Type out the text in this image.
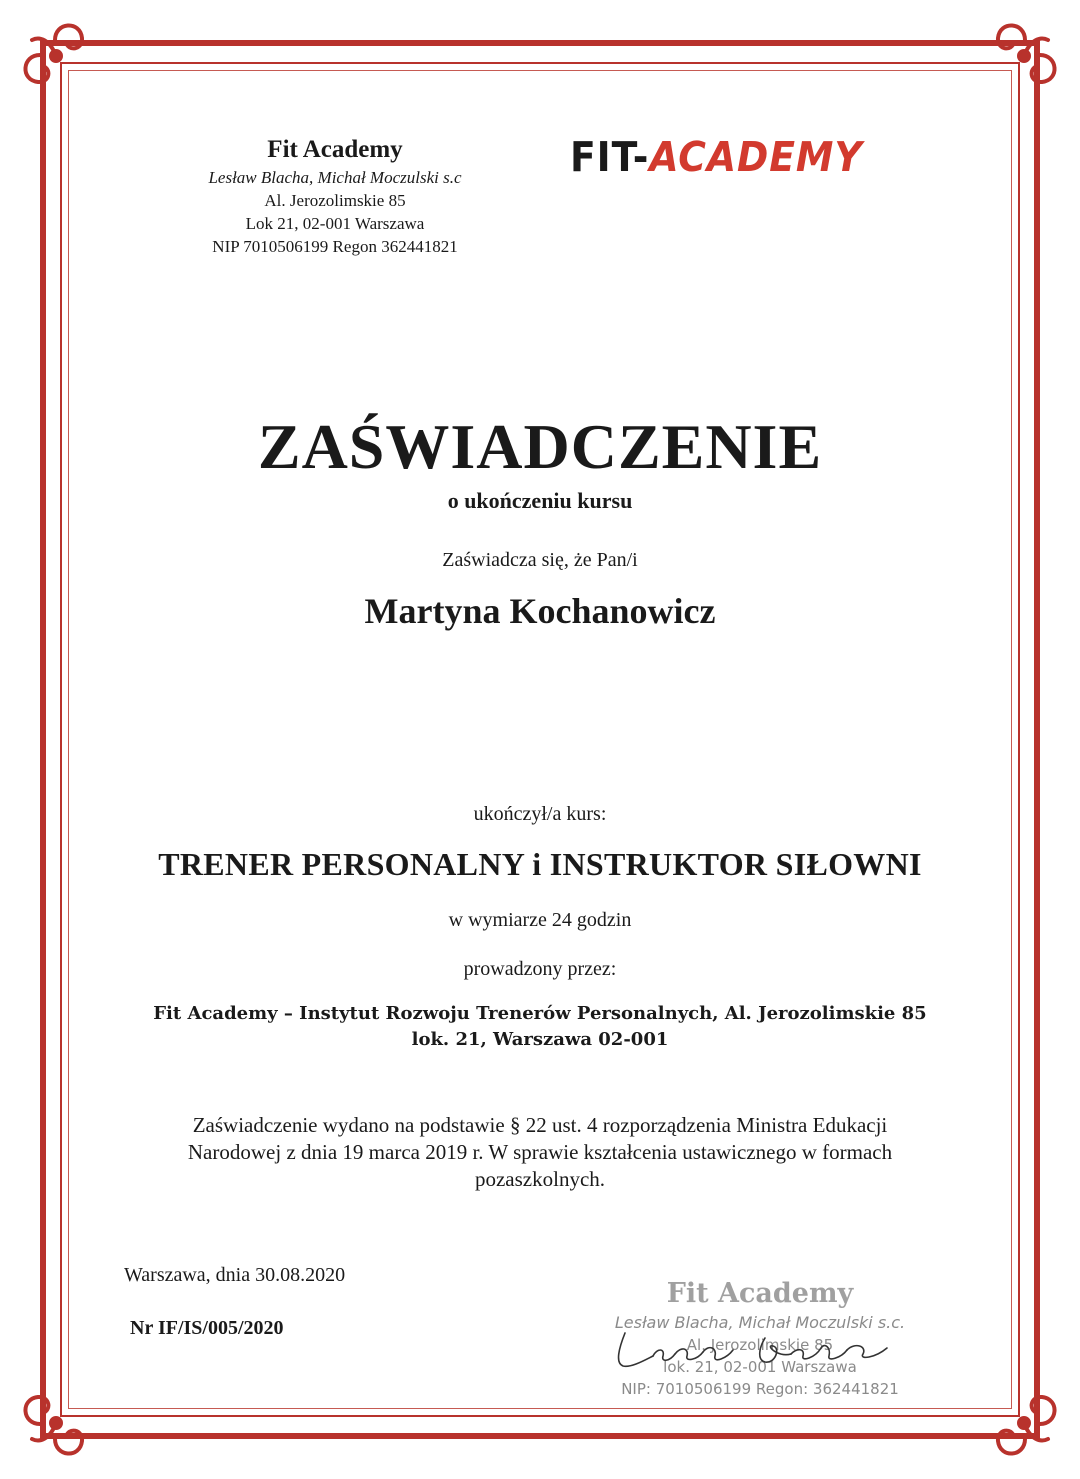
Fit Academy
Lesław Blacha, Michał Moczulski s.c
Al. Jerozolimskie 85
Lok 21, 02-001 Warszawa
NIP 7010506199 Regon 362441821
FIT-ACADEMY
ZAŚWIADCZENIE
o ukończeniu kursu
Zaświadcza się, że Pan/i
Martyna Kochanowicz
ukończył/a kurs:
TRENER PERSONALNY i INSTRUKTOR SIŁOWNI
w wymiarze 24 godzin
prowadzony przez:
Fit Academy – Instytut Rozwoju Trenerów Personalnych, Al. Jerozolimskie 85
lok. 21, Warszawa 02-001
Zaświadczenie wydano na podstawie § 22 ust. 4 rozporządzenia Ministra Edukacji
Narodowej z dnia 19 marca 2019 r. W sprawie kształcenia ustawicznego w formach
pozaszkolnych.
Warszawa, dnia 30.08.2020
Nr IF/IS/005/2020
Fit Academy
Lesław Blacha, Michał Moczulski s.c.
Al. Jerozolimskie 85
lok. 21, 02-001 Warszawa
NIP: 7010506199 Regon: 362441821
